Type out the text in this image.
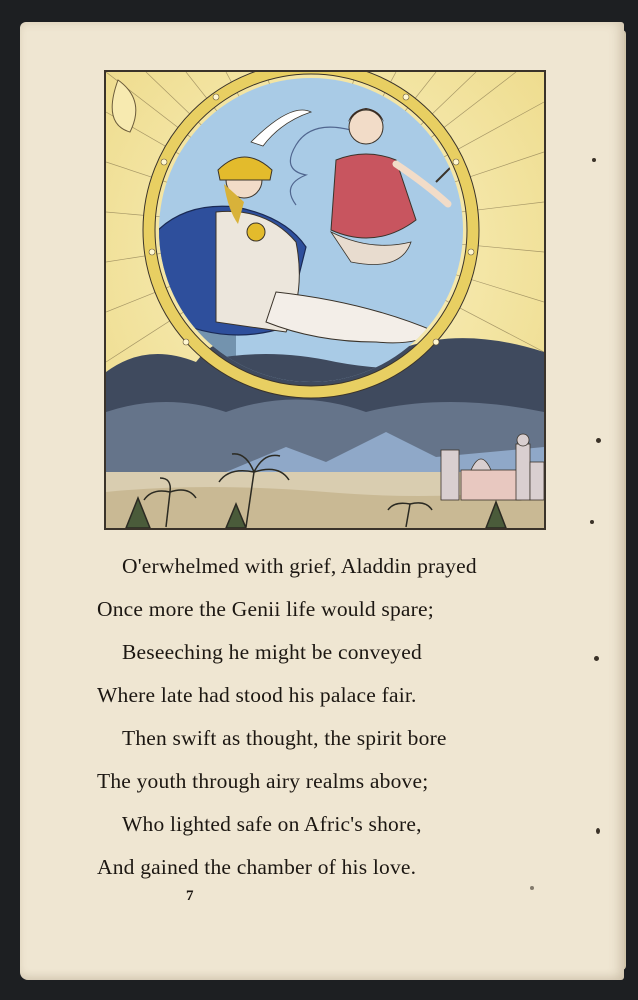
O'erwhelmed with grief, Aladdin prayed
Once more the Genii life would spare;
Beseeching he might be conveyed
Where late had stood his palace fair.
Then swift as thought, the spirit bore
The youth through airy realms above;
Who lighted safe on Afric's shore,
And gained the chamber of his love.
7
